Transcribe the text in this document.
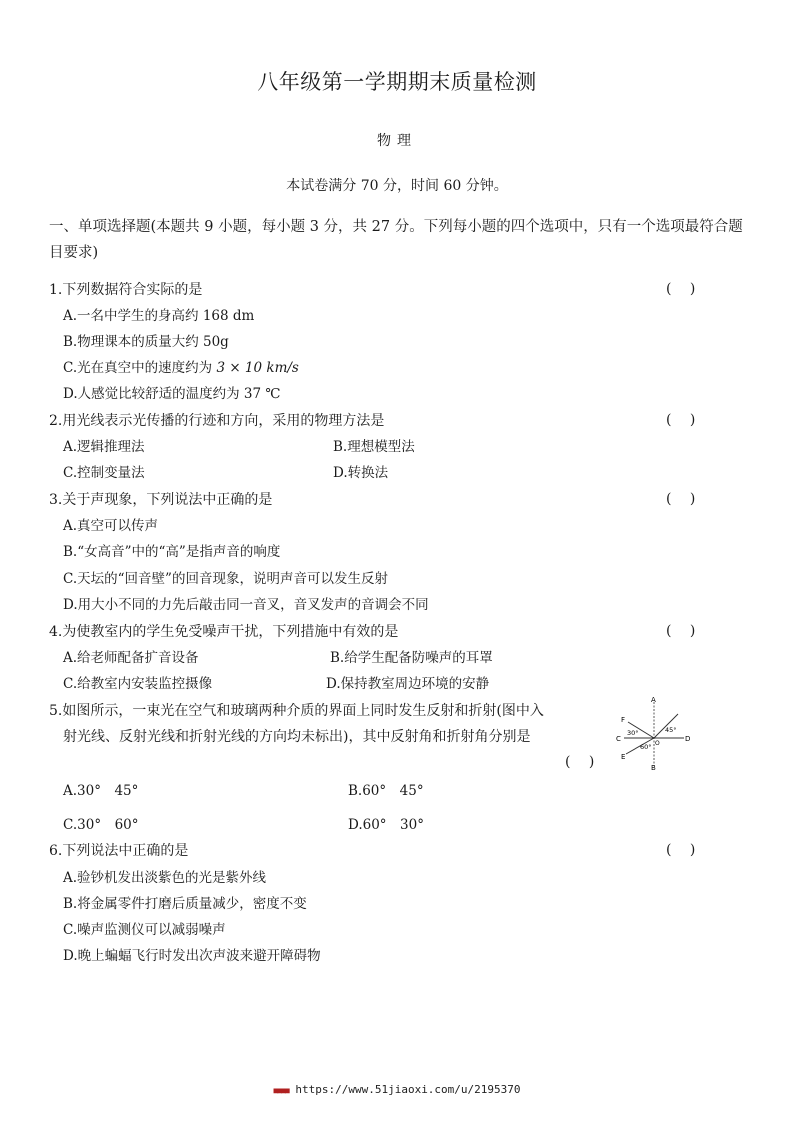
八年级第一学期期末质量检测
物理
本试卷满分 70 分，时间 60 分钟。
一、单项选择题(本题共 9 小题，每小题 3 分，共 27 分。下列每小题的四个选项中，只有一个选项最符合题目要求)
1.下列数据符合实际的是	( )
A.一名中学生的身高约 168 dm
B.物理课本的质量大约 50g
C.光在真空中的速度约为 3 × 10 km/s
D.人感觉比较舒适的温度约为 37 ℃
2.用光线表示光传播的行迹和方向，采用的物理方法是	( )
A.逻辑推理法	B.理想模型法
C.控制变量法	D.转换法
3.关于声现象，下列说法中正确的是	( )
A.真空可以传声
B.“女高音”中的“高”是指声音的响度
C.天坛的“回音壁”的回音现象，说明声音可以发生反射
D.用大小不同的力先后敲击同一音叉，音叉发声的音调会不同
4.为使教室内的学生免受噪声干扰，下列措施中有效的是	( )
A.给老师配备扩音设备	B.给学生配备防噪声的耳罩
C.给教室内安装监控摄像	D.保持教室周边环境的安静
5.如图所示，一束光在空气和玻璃两种介质的界面上同时发生反射和折射(图中入
射光线、反射光线和折射光线的方向均未标出)，其中反射角和折射角分别是
( )
A
B
C	D
E
F
O
30°	45°
60°
A.30°　45°	B.60°　45°
C.30°　60°	D.60°　30°
6.下列说法中正确的是	( )
A.验钞机发出淡紫色的光是紫外线
B.将金属零件打磨后质量减少，密度不变
C.噪声监测仪可以减弱噪声
D.晚上蝙蝠飞行时发出次声波来避开障碍物
■■■■ https://www.51jiaoxi.com/u/2195370
